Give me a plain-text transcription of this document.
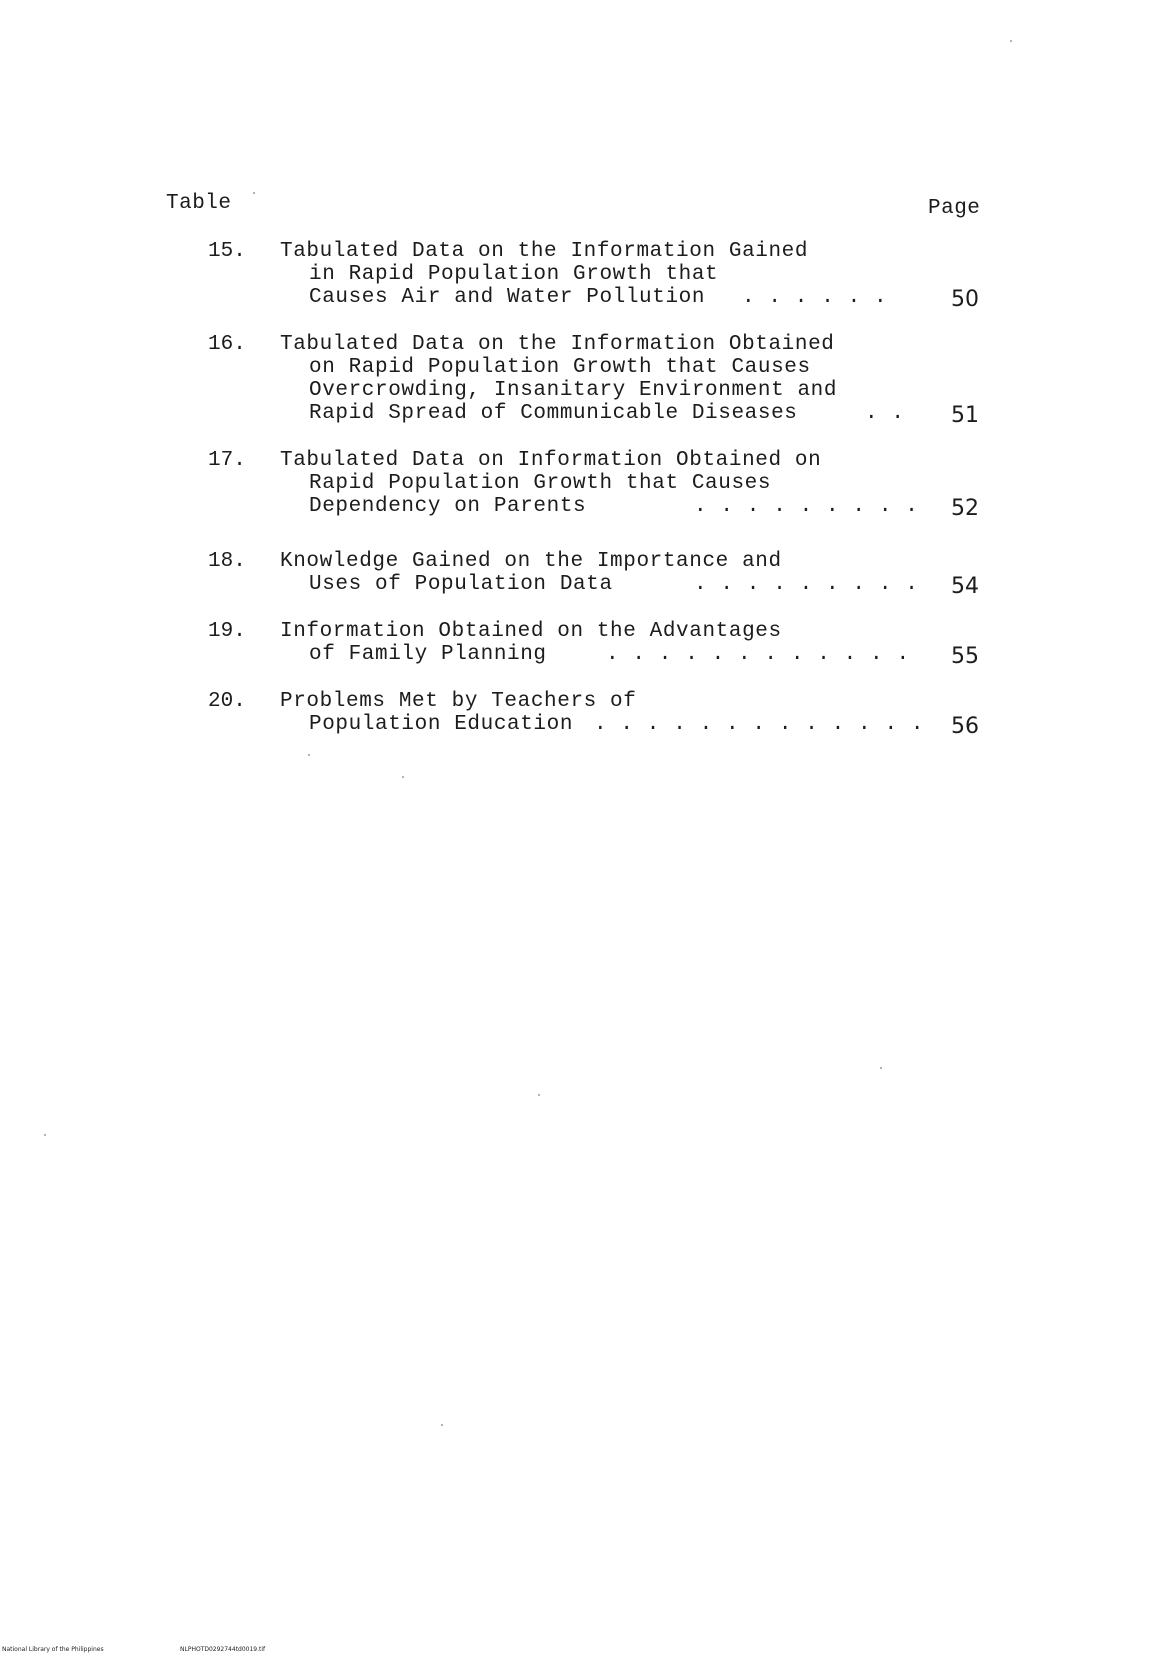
Table	Page
15. Tabulated Data on the Information Gained
in Rapid Population Growth that
Causes Air and Water Pollution . . . . . .	50
16. Tabulated Data on the Information Obtained
on Rapid Population Growth that Causes
Overcrowding, Insanitary Environment and
Rapid Spread of Communicable Diseases	. . 51
17. Tabulated Data on Information Obtained on
Rapid Population Growth that Causes
Dependency on Parents	. . . . . . . . . 52
18. Knowledge Gained on the Importance and
Uses of Population Data	. . . . . . . . . 54
19. Information Obtained on the Advantages
of Family Planning	. . . . . . . . . . . . 55
20. Problems Met by Teachers of
Population Education . . . . . . . . . . . . . 56
National Library of the Philippines	NLPHOTD0292744td0019.tif
